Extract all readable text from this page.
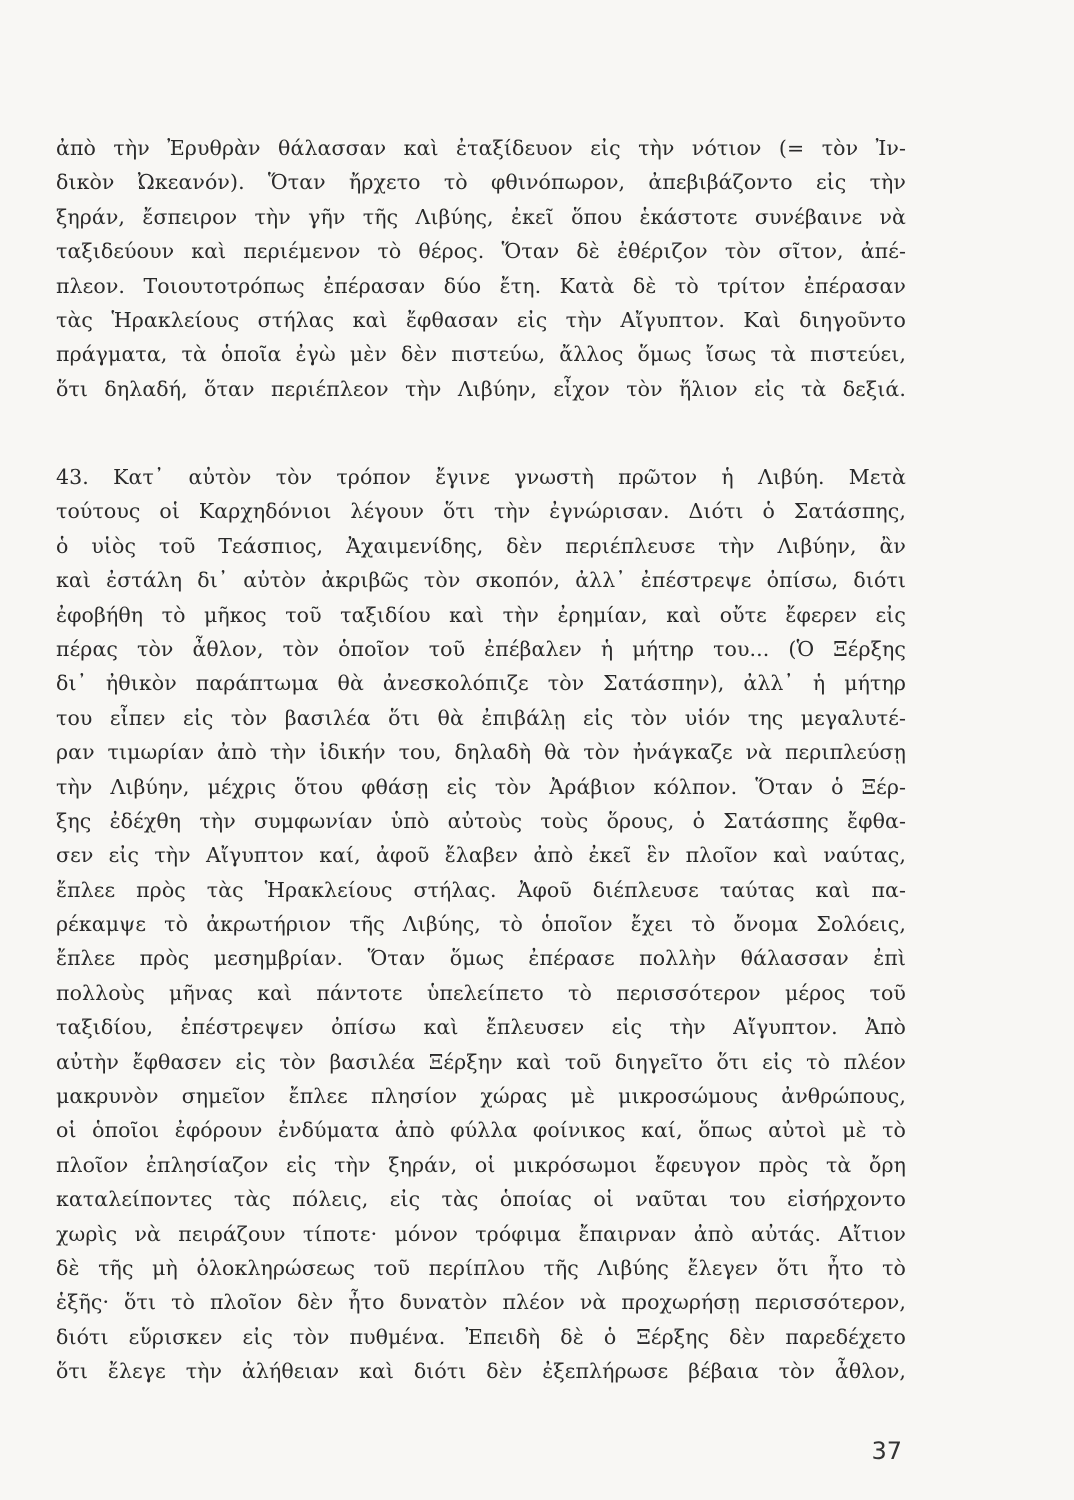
ἀπὸ τὴν Ἐρυθρὰν θάλασσαν καὶ ἐταξίδευον εἰς τὴν νότιον (= τὸν Ἰν-
δικὸν Ὠκεανόν). Ὅταν ἤρχετο τὸ φθινόπωρον, ἀπεβιβάζοντο εἰς τὴν
ξηράν, ἔσπειρον τὴν γῆν τῆς Λιβύης, ἐκεῖ ὅπου ἑκάστοτε συνέβαινε νὰ
ταξιδεύουν καὶ περιέμενον τὸ θέρος. Ὅταν δὲ ἐθέριζον τὸν σῖτον, ἀπέ-
πλεον. Τοιουτοτρόπως ἐπέρασαν δύο ἔτη. Κατὰ δὲ τὸ τρίτον ἐπέρασαν
τὰς Ἡρακλείους στήλας καὶ ἔφθασαν εἰς τὴν Αἴγυπτον. Καὶ διηγοῦντο
πράγματα, τὰ ὁποῖα ἐγὼ μὲν δὲν πιστεύω, ἄλλος ὅμως ἴσως τὰ πιστεύει,
ὅτι δηλαδή, ὅταν περιέπλεον τὴν Λιβύην, εἶχον τὸν ἥλιον εἰς τὰ δεξιά.
43. Κατ᾿ αὐτὸν τὸν τρόπον ἔγινε γνωστὴ πρῶτον ἡ Λιβύη. Μετὰ
τούτους οἱ Καρχηδόνιοι λέγουν ὅτι τὴν ἐγνώρισαν. Διότι ὁ Σατάσπης,
ὁ υἱὸς τοῦ Τεάσπιος, Ἀχαιμενίδης, δὲν περιέπλευσε τὴν Λιβύην, ἂν
καὶ ἐστάλη δι᾿ αὐτὸν ἀκριβῶς τὸν σκοπόν, ἀλλ᾿ ἐπέστρεψε ὀπίσω, διότι
ἐφοβήθη τὸ μῆκος τοῦ ταξιδίου καὶ τὴν ἐρημίαν, καὶ οὔτε ἔφερεν εἰς
πέρας τὸν ἆθλον, τὸν ὁποῖον τοῦ ἐπέβαλεν ἡ μήτηρ του... (Ὁ Ξέρξης
δι᾿ ἠθικὸν παράπτωμα θὰ ἀνεσκολόπιζε τὸν Σατάσπην), ἀλλ᾿ ἡ μήτηρ
του εἶπεν εἰς τὸν βασιλέα ὅτι θὰ ἐπιβάλῃ εἰς τὸν υἱόν της μεγαλυτέ-
ραν τιμωρίαν ἀπὸ τὴν ἰδικήν του, δηλαδὴ θὰ τὸν ἠνάγκαζε νὰ περιπλεύσῃ
τὴν Λιβύην, μέχρις ὅτου φθάσῃ εἰς τὸν Ἀράβιον κόλπον. Ὅταν ὁ Ξέρ-
ξης ἐδέχθη τὴν συμφωνίαν ὑπὸ αὐτοὺς τοὺς ὅρους, ὁ Σατάσπης ἔφθα-
σεν εἰς τὴν Αἴγυπτον καί, ἀφοῦ ἔλαβεν ἀπὸ ἐκεῖ ἓν πλοῖον καὶ ναύτας,
ἔπλεε πρὸς τὰς Ἡρακλείους στήλας. Ἀφοῦ διέπλευσε ταύτας καὶ πα-
ρέκαμψε τὸ ἀκρωτήριον τῆς Λιβύης, τὸ ὁποῖον ἔχει τὸ ὄνομα Σολόεις,
ἔπλεε πρὸς μεσημβρίαν. Ὅταν ὅμως ἐπέρασε πολλὴν θάλασσαν ἐπὶ
πολλοὺς μῆνας καὶ πάντοτε ὑπελείπετο τὸ περισσότερον μέρος τοῦ
ταξιδίου, ἐπέστρεψεν ὀπίσω καὶ ἔπλευσεν εἰς τὴν Αἴγυπτον. Ἀπὸ
αὐτὴν ἔφθασεν εἰς τὸν βασιλέα Ξέρξην καὶ τοῦ διηγεῖτο ὅτι εἰς τὸ πλέον
μακρυνὸν σημεῖον ἔπλεε πλησίον χώρας μὲ μικροσώμους ἀνθρώπους,
οἱ ὁποῖοι ἐφόρουν ἐνδύματα ἀπὸ φύλλα φοίνικος καί, ὅπως αὐτοὶ μὲ τὸ
πλοῖον ἐπλησίαζον εἰς τὴν ξηράν, οἱ μικρόσωμοι ἔφευγον πρὸς τὰ ὄρη
καταλείποντες τὰς πόλεις, εἰς τὰς ὁποίας οἱ ναῦται του εἰσήρχοντο
χωρὶς νὰ πειράζουν τίποτε· μόνον τρόφιμα ἔπαιρναν ἀπὸ αὐτάς. Αἴτιον
δὲ τῆς μὴ ὁλοκληρώσεως τοῦ περίπλου τῆς Λιβύης ἔλεγεν ὅτι ἦτο τὸ
ἑξῆς· ὅτι τὸ πλοῖον δὲν ἦτο δυνατὸν πλέον νὰ προχωρήσῃ περισσότερον,
διότι εὕρισκεν εἰς τὸν πυθμένα. Ἐπειδὴ δὲ ὁ Ξέρξης δὲν παρεδέχετο
ὅτι ἔλεγε τὴν ἀλήθειαν καὶ διότι δὲν ἐξεπλήρωσε βέβαια τὸν ἆθλον,
37
